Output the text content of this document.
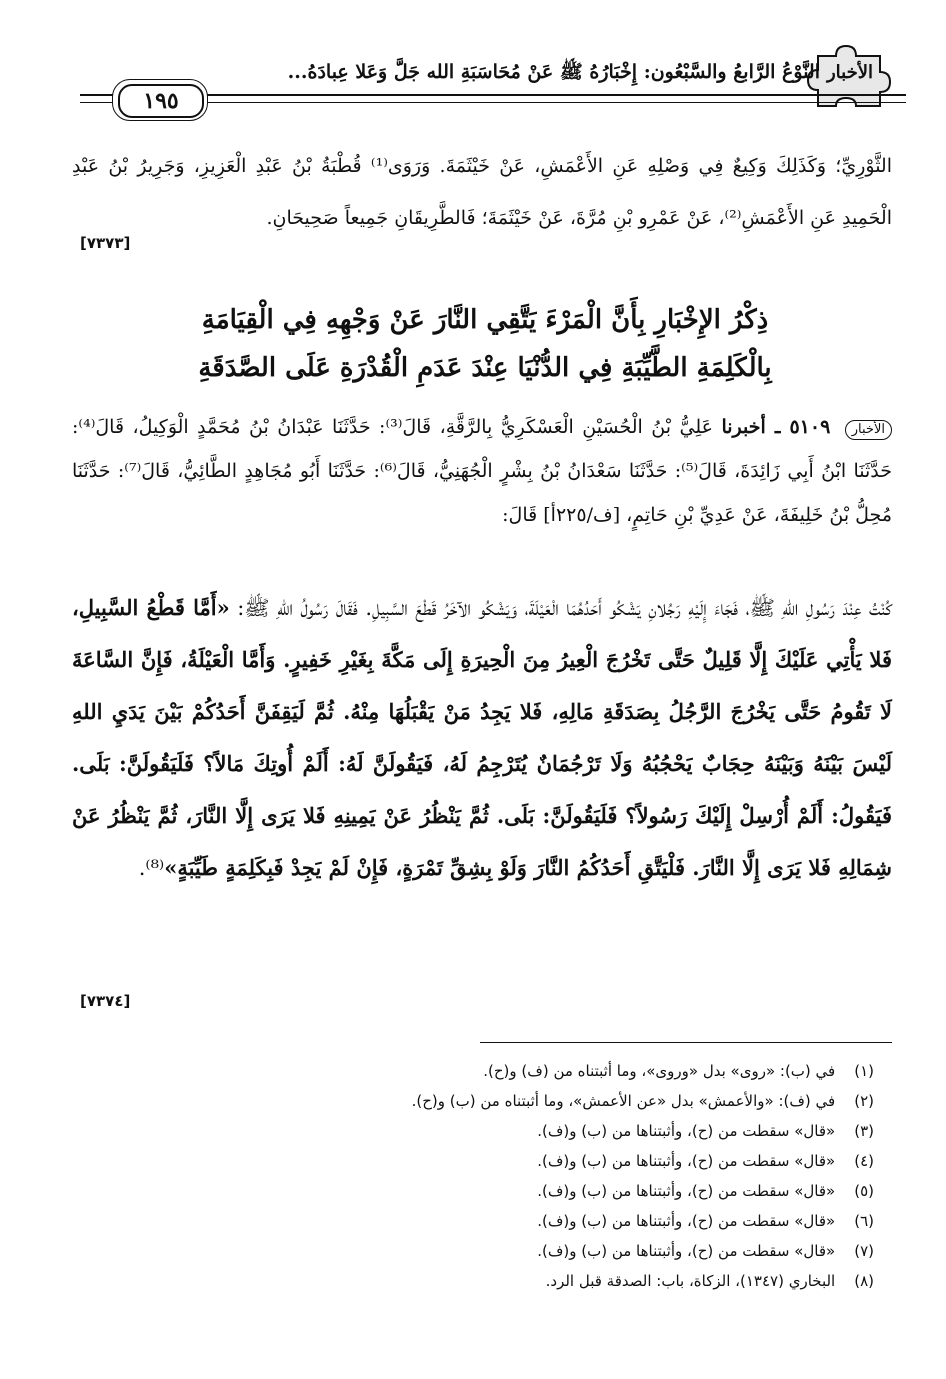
الأخبار
النَّوْعُ الرَّابعُ والسَّبْعُون: إِخْبَارُهُ ﷺ عَنْ مُحَاسَبَةِ الله جَلَّ وَعَلا عِبادَهُ...
١٩٥
الثَّوْرِيِّ؛ وَكَذَلِكَ وَكِيعٌ فِي وَصْلِهِ عَنِ الأَعْمَشِ، عَنْ خَيْثَمَةَ. وَرَوَى⁽¹⁾ قُطْبَةُ بْنُ عَبْدِ الْعَزِيزِ، وَجَرِيرُ بْنُ عَبْدِ الْحَمِيدِ عَنِ الأَعْمَشِ⁽²⁾، عَنْ عَمْرِو بْنِ مُرَّةَ، عَنْ خَيْثَمَةَ؛ فَالطَّرِيقَانِ جَمِيعاً صَحِيحَانِ.
[٧٣٧٣]
ذِكْرُ الإِخْبَارِ بِأَنَّ الْمَرْءَ يَتَّقِي النَّارَ عَنْ وَجْهِهِ فِي الْقِيَامَةِ
بِالْكَلِمَةِ الطَّيِّبَةِ فِي الدُّنْيَا عِنْدَ عَدَمِ الْقُدْرَةِ عَلَى الصَّدَقَةِ
الأخبار ٥١٠٩ ـ أخبرنا عَلِيُّ بْنُ الْحُسَيْنِ الْعَسْكَرِيُّ بِالرَّقَّةِ، قَالَ⁽³⁾: حَدَّثَنَا عَبْدَانُ بْنُ مُحَمَّدٍ الْوَكِيلُ، قَالَ⁽⁴⁾: حَدَّثَنَا ابْنُ أَبِي زَائِدَةَ، قَالَ⁽⁵⁾: حَدَّثَنَا سَعْدَانُ بْنُ بِشْرٍ الْجُهَنِيُّ، قَالَ⁽⁶⁾: حَدَّثَنَا أَبُو مُجَاهِدٍ الطَّائِيُّ، قَالَ⁽⁷⁾: حَدَّثَنَا مُحِلُّ بْنُ خَلِيفَةَ، عَنْ عَدِيِّ بْنِ حَاتِمٍ، [ف/٢٢٥أ] قَالَ:
كُنْتُ عِنْدَ رَسُولِ اللهِ ﷺ، فَجَاءَ إِلَيْهِ رَجُلانِ يَشْكُو أَحَدُهُمَا الْعَيْلَةَ، وَيَشْكُو الآخَرُ قَطْعَ السَّبِيلِ. فَقَالَ رَسُولُ اللهِ ﷺ: «أَمَّا قَطْعُ السَّبِيلِ، فَلا يَأْتِي عَلَيْكَ إِلَّا قَلِيلٌ حَتَّى تَخْرُجَ الْعِيرُ مِنَ الْحِيرَةِ إِلَى مَكَّةَ بِغَيْرِ خَفِيرٍ. وَأَمَّا الْعَيْلَةُ، فَإِنَّ السَّاعَةَ لَا تَقُومُ حَتَّى يَخْرُجَ الرَّجُلُ بِصَدَقَةِ مَالِهِ، فَلا يَجِدُ مَنْ يَقْبَلُهَا مِنْهُ. ثُمَّ لَيَقِفَنَّ أَحَدُكُمْ بَيْنَ يَدَيِ اللهِ لَيْسَ بَيْنَهُ وَبَيْنَهُ حِجَابٌ يَحْجُبُهُ وَلَا تَرْجُمَانٌ يُتَرْجِمُ لَهُ، فَيَقُولَنَّ لَهُ: أَلَمْ أُوتِكَ مَالاً؟ فَلَيَقُولَنَّ: بَلَى. فَيَقُولُ: أَلَمْ أُرْسِلْ إِلَيْكَ رَسُولاً؟ فَلَيَقُولَنَّ: بَلَى. ثُمَّ يَنْظُرُ عَنْ يَمِينِهِ فَلا يَرَى إِلَّا النَّارَ، ثُمَّ يَنْظُرُ عَنْ شِمَالِهِ فَلا يَرَى إِلَّا النَّارَ. فَلْيَتَّقِ أَحَدُكُمُ النَّارَ وَلَوْ بِشِقِّ تَمْرَةٍ، فَإِنْ لَمْ يَجِدْ فَبِكَلِمَةٍ طَيِّبَةٍ»⁽⁸⁾.
[٧٣٧٤]
(١) في (ب): «روى» بدل «وروى»، وما أثبتناه من (ف) و(ح).
(٢) في (ف): «والأعمش» بدل «عن الأعمش»، وما أثبتناه من (ب) و(ح).
(٣) «قال» سقطت من (ح)، وأثبتناها من (ب) و(ف).
(٤) «قال» سقطت من (ح)، وأثبتناها من (ب) و(ف).
(٥) «قال» سقطت من (ح)، وأثبتناها من (ب) و(ف).
(٦) «قال» سقطت من (ح)، وأثبتناها من (ب) و(ف).
(٧) «قال» سقطت من (ح)، وأثبتناها من (ب) و(ف).
(٨) البخاري (١٣٤٧)، الزكاة، باب: الصدقة قبل الرد.
